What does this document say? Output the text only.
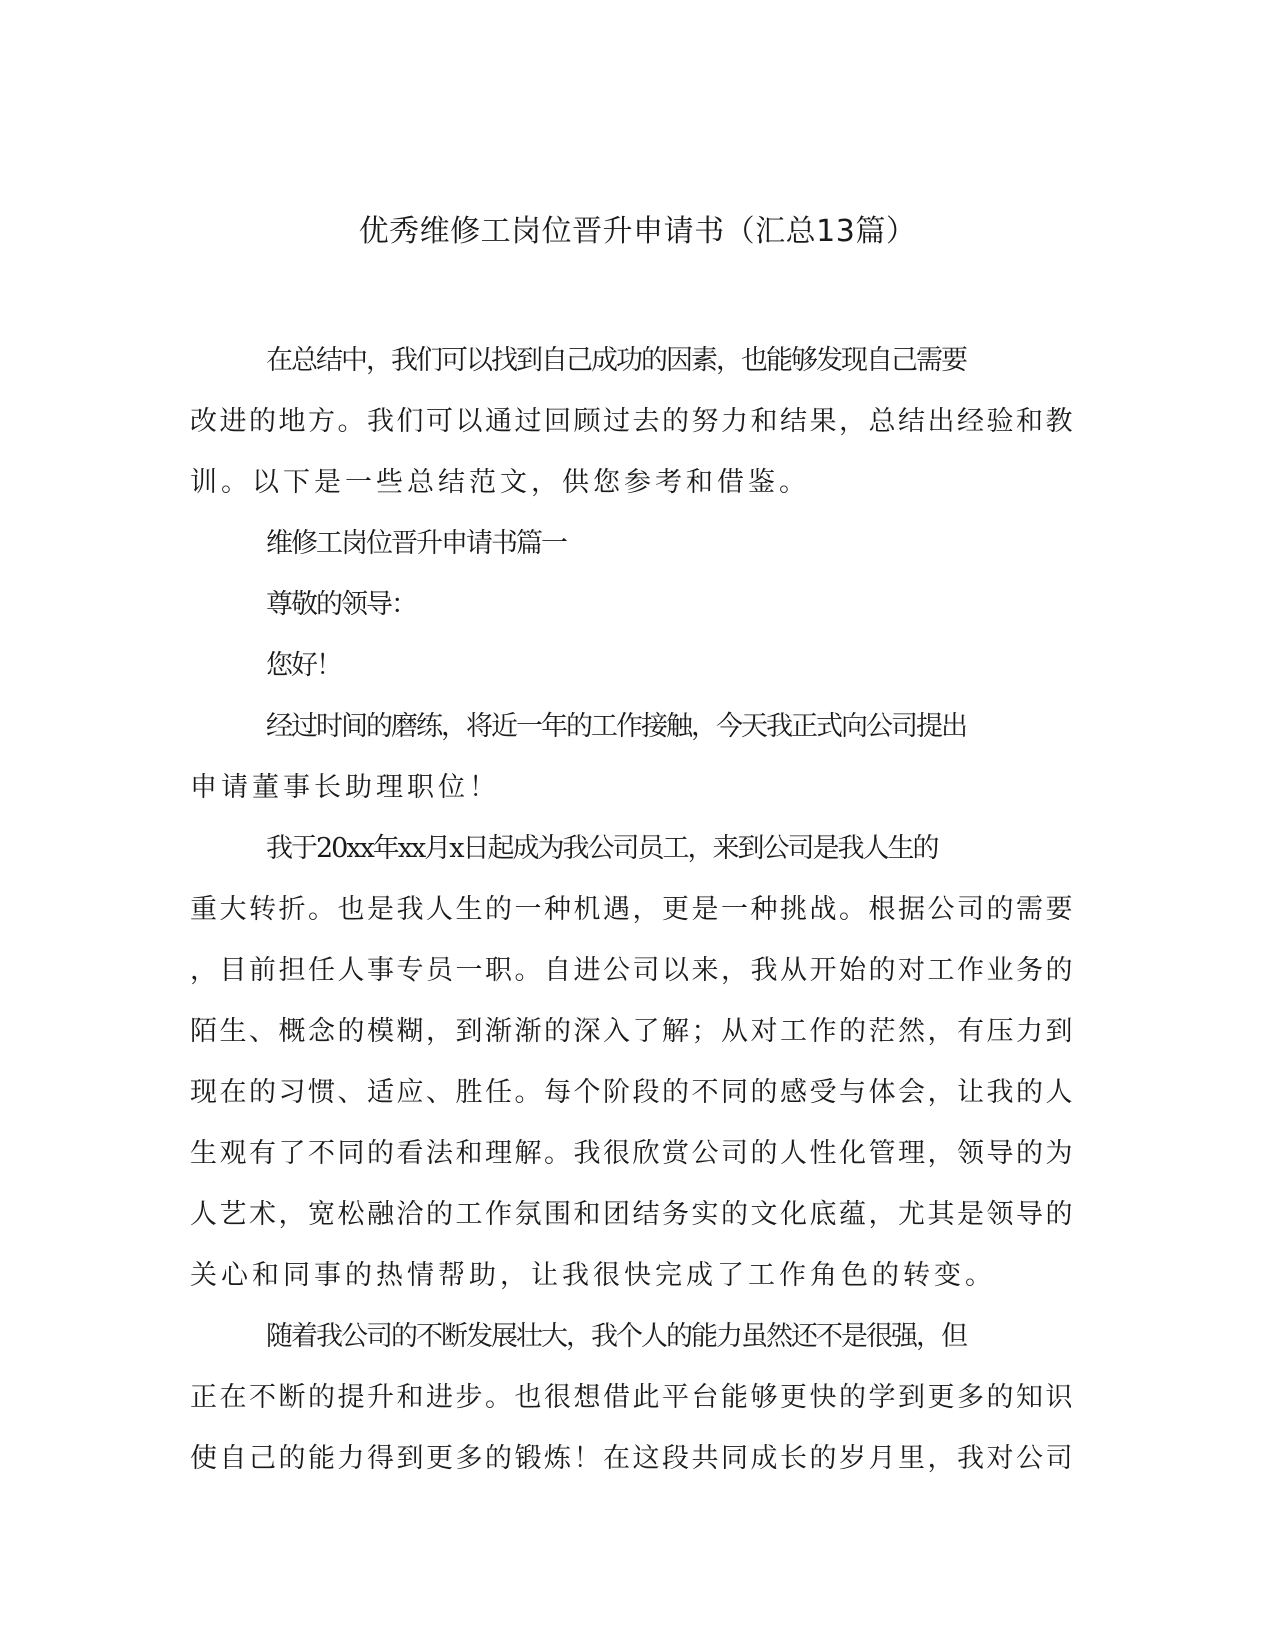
优秀维修工岗位晋升申请书（汇总13篇）

在总结中，我们可以找到自己成功的因素，也能够发现自己需要
改进的地方。我们可以通过回顾过去的努力和结果，总结出经验和教
训。以下是一些总结范文，供您参考和借鉴。

维修工岗位晋升申请书篇一

尊敬的领导：

您好！

经过时间的磨练，将近一年的工作接触，今天我正式向公司提出
申请董事长助理职位！

我于20xx年xx月x日起成为我公司员工，来到公司是我人生的
重大转折。也是我人生的一种机遇，更是一种挑战。根据公司的需要
，目前担任人事专员一职。自进公司以来，我从开始的对工作业务的
陌生、概念的模糊，到渐渐的深入了解；从对工作的茫然，有压力到
现在的习惯、适应、胜任。每个阶段的不同的感受与体会，让我的人
生观有了不同的看法和理解。我很欣赏公司的人性化管理，领导的为
人艺术，宽松融洽的工作氛围和团结务实的文化底蕴，尤其是领导的
关心和同事的热情帮助，让我很快完成了工作角色的转变。

随着我公司的不断发展壮大，我个人的能力虽然还不是很强，但
正在不断的提升和进步。也很想借此平台能够更快的学到更多的知识
使自己的能力得到更多的锻炼！在这段共同成长的岁月里，我对公司
